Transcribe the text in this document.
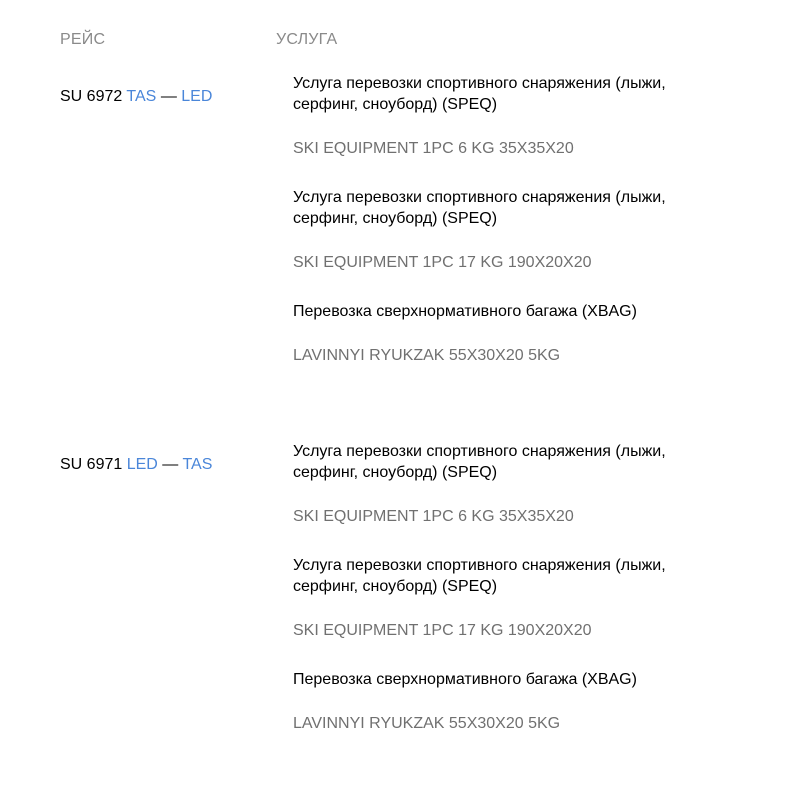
РЕЙС	УСЛУГА
SU 6972 TAS — LED
Услуга перевозки спортивного снаряжения (лыжи, серфинг, сноуборд) (SPEQ)
SKI EQUIPMENT 1PC 6 KG 35X35X20
Услуга перевозки спортивного снаряжения (лыжи, серфинг, сноуборд) (SPEQ)
SKI EQUIPMENT 1PC 17 KG 190X20X20
Перевозка сверхнормативного багажа (XBAG)
LAVINNYI RYUKZAK 55X30X20 5KG
SU 6971 LED — TAS
Услуга перевозки спортивного снаряжения (лыжи, серфинг, сноуборд) (SPEQ)
SKI EQUIPMENT 1PC 6 KG 35X35X20
Услуга перевозки спортивного снаряжения (лыжи, серфинг, сноуборд) (SPEQ)
SKI EQUIPMENT 1PC 17 KG 190X20X20
Перевозка сверхнормативного багажа (XBAG)
LAVINNYI RYUKZAK 55X30X20 5KG
